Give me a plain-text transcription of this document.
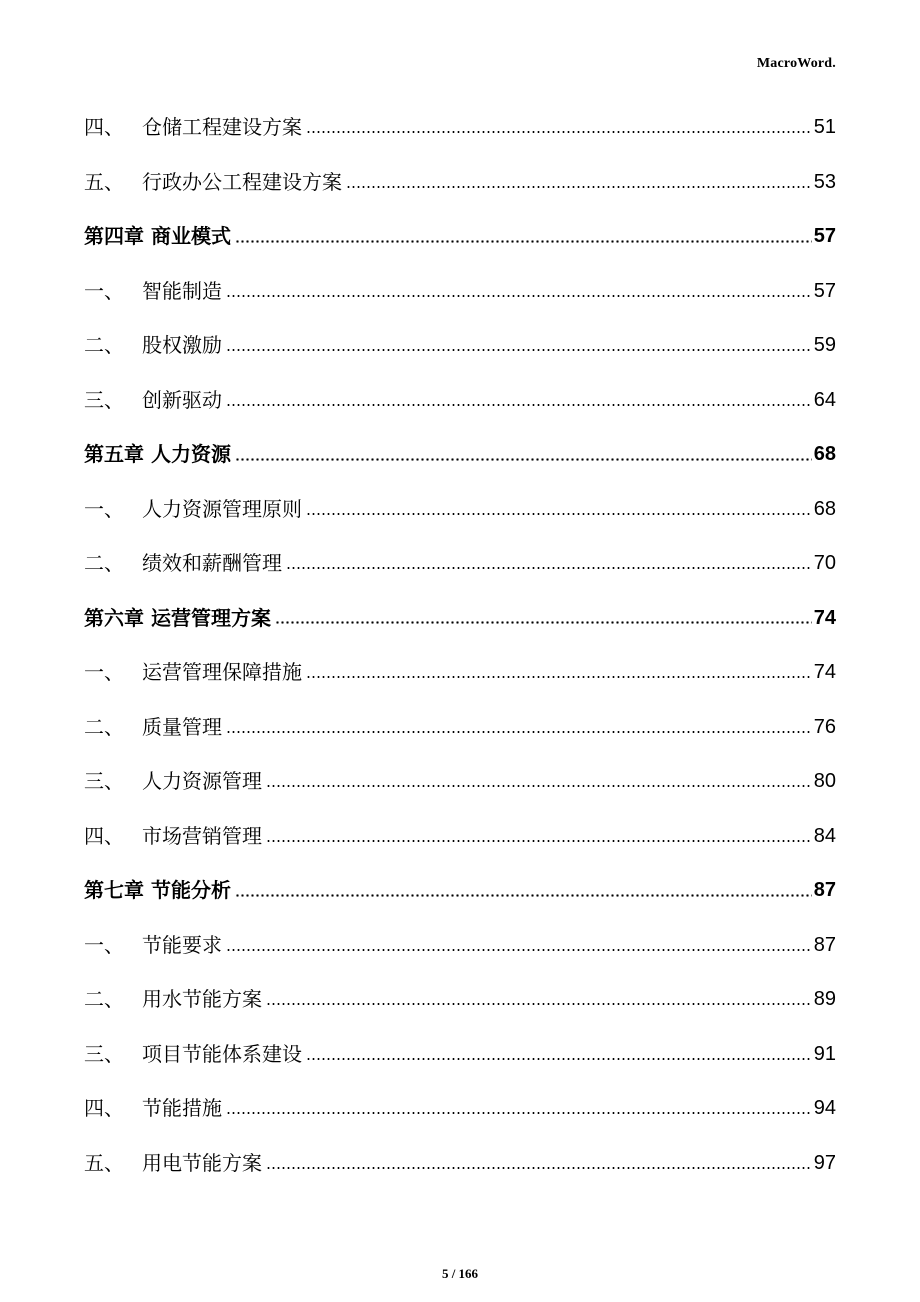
MacroWord.
四、 仓储工程建设方案	51
五、 行政办公工程建设方案	53
第四章 商业模式	57
一、 智能制造	57
二、 股权激励	59
三、 创新驱动	64
第五章 人力资源	68
一、 人力资源管理原则	68
二、 绩效和薪酬管理	70
第六章 运营管理方案	74
一、 运营管理保障措施	74
二、 质量管理	76
三、 人力资源管理	80
四、 市场营销管理	84
第七章 节能分析	87
一、 节能要求	87
二、 用水节能方案	89
三、 项目节能体系建设	91
四、 节能措施	94
五、 用电节能方案	97
5 / 166
